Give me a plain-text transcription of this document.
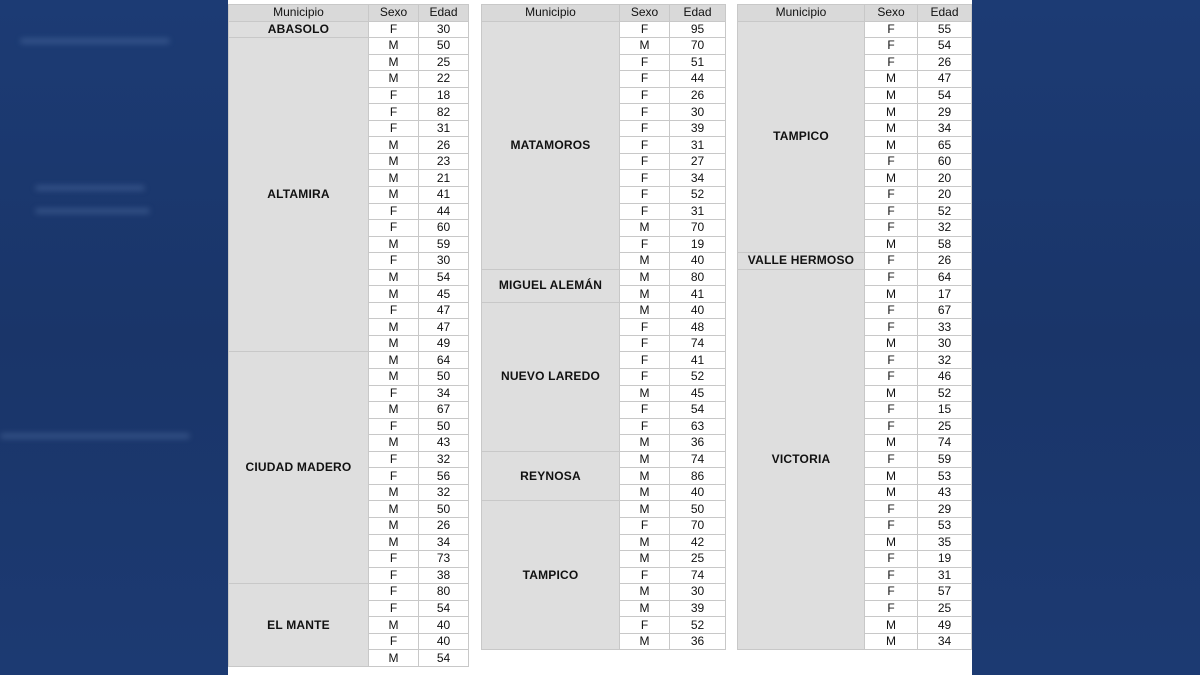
Municipio	Sexo	Edad
ABASOLO	F	30
ALTAMIRA	M	50
	M	25
	M	22
	F	18
	F	82
	F	31
	M	26
	M	23
	M	21
	M	41
	F	44
	F	60
	M	59
	F	30
	M	54
	M	45
	F	47
	M	47
	M	49
CIUDAD MADERO	M	64
	M	50
	F	34
	M	67
	F	50
	M	43
	F	32
	F	56
	M	32
	M	50
	M	26
	M	34
	F	73
	F	38
EL MANTE	F	80
	F	54
	M	40
	F	40
	M	54
Municipio	Sexo	Edad
MATAMOROS	F	95
	M	70
	F	51
	F	44
	F	26
	F	30
	F	39
	F	31
	F	27
	F	34
	F	52
	F	31
	M	70
	F	19
	M	40
MIGUEL ALEMÁN	M	80
	M	41
NUEVO LAREDO	M	40
	F	48
	F	74
	F	41
	F	52
	M	45
	F	54
	F	63
	M	36
REYNOSA	M	74
	M	86
	M	40
TAMPICO	M	50
	F	70
	M	42
	M	25
	F	74
	M	30
	M	39
	F	52
	M	36
Municipio	Sexo	Edad
TAMPICO	F	55
	F	54
	F	26
	M	47
	M	54
	M	29
	M	34
	M	65
	F	60
	M	20
	F	20
	F	52
	F	32
	M	58
VALLE HERMOSO	F	26
VICTORIA	F	64
	M	17
	F	67
	F	33
	M	30
	F	32
	F	46
	M	52
	F	15
	F	25
	M	74
	F	59
	M	53
	M	43
	F	29
	F	53
	M	35
	F	19
	F	31
	F	57
	F	25
	M	49
	M	34
